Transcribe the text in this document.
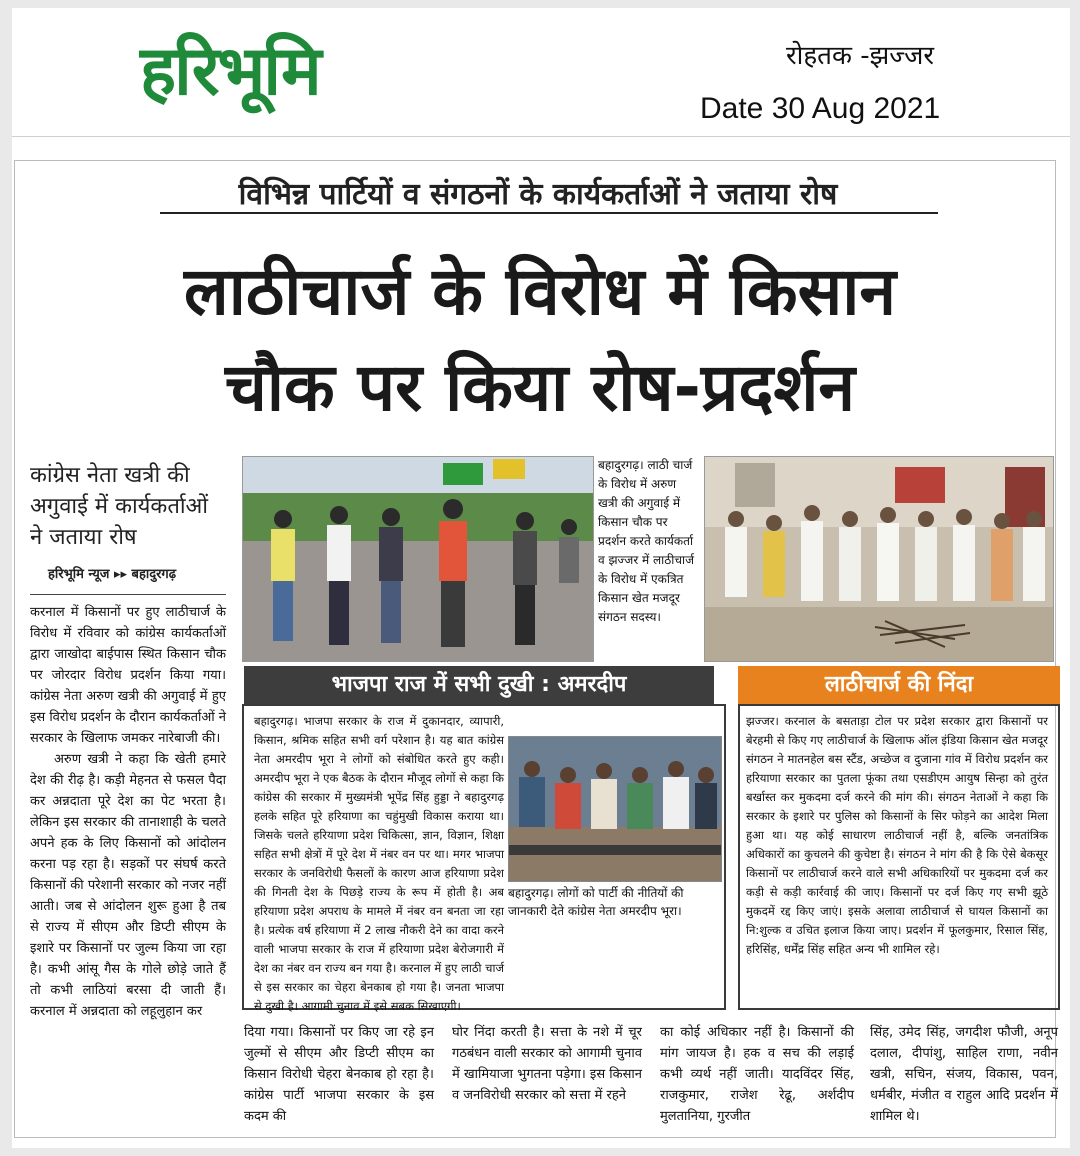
हरिभूमि	रोहतक -झज्जर
Date 30 Aug 2021
विभिन्न पार्टियों व संगठनों के कार्यकर्ताओं ने जताया रोष
लाठीचार्ज के विरोध में किसान
चौक पर किया रोष-प्रदर्शन
कांग्रेस नेता खत्री की अगुवाई में कार्यकर्ताओं ने जताया रोष
हरिभूमि न्यूज ▸▸ बहादुरगढ़
करनाल में किसानों पर हुए लाठीचार्ज के विरोध में रविवार को कांग्रेस कार्यकर्ताओं द्वारा जाखोदा बाईपास स्थित किसान चौक पर जोरदार विरोध प्रदर्शन किया गया। कांग्रेस नेता अरुण खत्री की अगुवाई में हुए इस विरोध प्रदर्शन के दौरान कार्यकर्ताओं ने सरकार के खिलाफ जमकर नारेबाजी की।
अरुण खत्री ने कहा कि खेती हमारे देश की रीढ़ है। कड़ी मेहनत से फसल पैदा कर अन्नदाता पूरे देश का पेट भरता है। लेकिन इस सरकार की तानाशाही के चलते अपने हक के लिए किसानों को आंदोलन करना पड़ रहा है। सड़कों पर संघर्ष करते किसानों की परेशानी सरकार को नजर नहीं आती। जब से आंदोलन शुरू हुआ है तब से राज्य में सीएम और डिप्टी सीएम के इशारे पर किसानों पर जुल्म किया जा रहा है। कभी आंसू गैस के गोले छोड़े जाते हैं तो कभी लाठियां बरसा दी जाती हैं। करनाल में अन्नदाता को लहूलुहान कर
बहादुरगढ़। लाठी चार्ज के विरोध में अरुण खत्री की अगुवाई में किसान चौक पर प्रदर्शन करते कार्यकर्ता व झज्जर में लाठीचार्ज के विरोध में एकत्रित किसान खेत मजदूर संगठन सदस्य।
भाजपा राज में सभी दुखी : अमरदीप
बहादुरगढ़। भाजपा सरकार के राज में दुकानदार, व्यापारी, किसान, श्रमिक सहित सभी वर्ग परेशान है। यह बात कांग्रेस नेता अमरदीप भूरा ने लोगों को संबोधित करते हुए कही। अमरदीप भूरा ने एक बैठक के दौरान मौजूद लोगों से कहा कि कांग्रेस की सरकार में मुख्यमंत्री भूपेंद्र सिंह हुड्डा ने बहादुरगढ़ हलके सहित पूरे हरियाणा का चहुंमुखी विकास कराया था। जिसके चलते हरियाणा प्रदेश चिकित्सा, ज्ञान, विज्ञान, शिक्षा सहित सभी क्षेत्रों में पूरे देश में नंबर वन पर था। मगर भाजपा सरकार के जनविरोधी फैसलों के कारण आज हरियाणा प्रदेश की गिनती देश के पिछड़े राज्य के रूप में होती है। अब हरियाणा प्रदेश अपराध के मामले में नंबर वन बनता जा रहा है। प्रत्येक वर्ष हरियाणा में 2 लाख नौकरी देने का वादा करने वाली भाजपा सरकार के राज में हरियाणा प्रदेश बेरोजगारी में देश का नंबर वन राज्य बन गया है। करनाल में हुए लाठी चार्ज से इस सरकार का चेहरा बेनकाब हो गया है। जनता भाजपा से दुखी है। आगामी चुनाव में इसे सबक सिखाएगी।
बहादुरगढ़। लोगों को पार्टी की नीतियों की जानकारी देते कांग्रेस नेता अमरदीप भूरा।
लाठीचार्ज की निंदा
झज्जर। करनाल के बसताड़ा टोल पर प्रदेश सरकार द्वारा किसानों पर बेरहमी से किए गए लाठीचार्ज के खिलाफ ऑल इंडिया किसान खेत मजदूर संगठन ने मातनहेल बस स्टैंड, अच्छेज व दुजाना गांव में विरोध प्रदर्शन कर हरियाणा सरकार का पुतला फूंका तथा एसडीएम आयुष सिन्हा को तुरंत बर्खास्त कर मुकदमा दर्ज करने की मांग की। संगठन नेताओं ने कहा कि सरकार के इशारे पर पुलिस को किसानों के सिर फोड़ने का आदेश मिला हुआ था। यह कोई साधारण लाठीचार्ज नहीं है, बल्कि जनतांत्रिक अधिकारों का कुचलने की कुचेष्टा है। संगठन ने मांग की है कि ऐसे बेकसूर किसानों पर लाठीचार्ज करने वाले सभी अधिकारियों पर मुकदमा दर्ज कर कड़ी से कड़ी कार्रवाई की जाए। किसानों पर दर्ज किए गए सभी झूठे मुकदमें रद्द किए जाएं। इसके अलावा लाठीचार्ज से घायल किसानों का नि:शुल्क व उचित इलाज किया जाए। प्रदर्शन में फूलकुमार, रिसाल सिंह, हरिसिंह, धर्मेंद्र सिंह सहित अन्य भी शामिल रहे।
दिया गया। किसानों पर किए जा रहे इन जुल्मों से सीएम और डिप्टी सीएम का किसान विरोधी चेहरा बेनकाब हो रहा है। कांग्रेस पार्टी भाजपा सरकार के इस कदम की
घोर निंदा करती है। सत्ता के नशे में चूर गठबंधन वाली सरकार को आगामी चुनाव में खामियाजा भुगतना पड़ेगा। इस किसान व जनविरोधी सरकार को सत्ता में रहने
का कोई अधिकार नहीं है। किसानों की मांग जायज है। हक व सच की लड़ाई कभी व्यर्थ नहीं जाती। यादविंदर सिंह, राजकुमार, राजेश रेढू, अर्शदीप मुलतानिया, गुरजीत
सिंह, उमेद सिंह, जगदीश फौजी, अनूप दलाल, दीपांशु, साहिल राणा, नवीन खत्री, सचिन, संजय, विकास, पवन, धर्मबीर, मंजीत व राहुल आदि प्रदर्शन में शामिल थे।
